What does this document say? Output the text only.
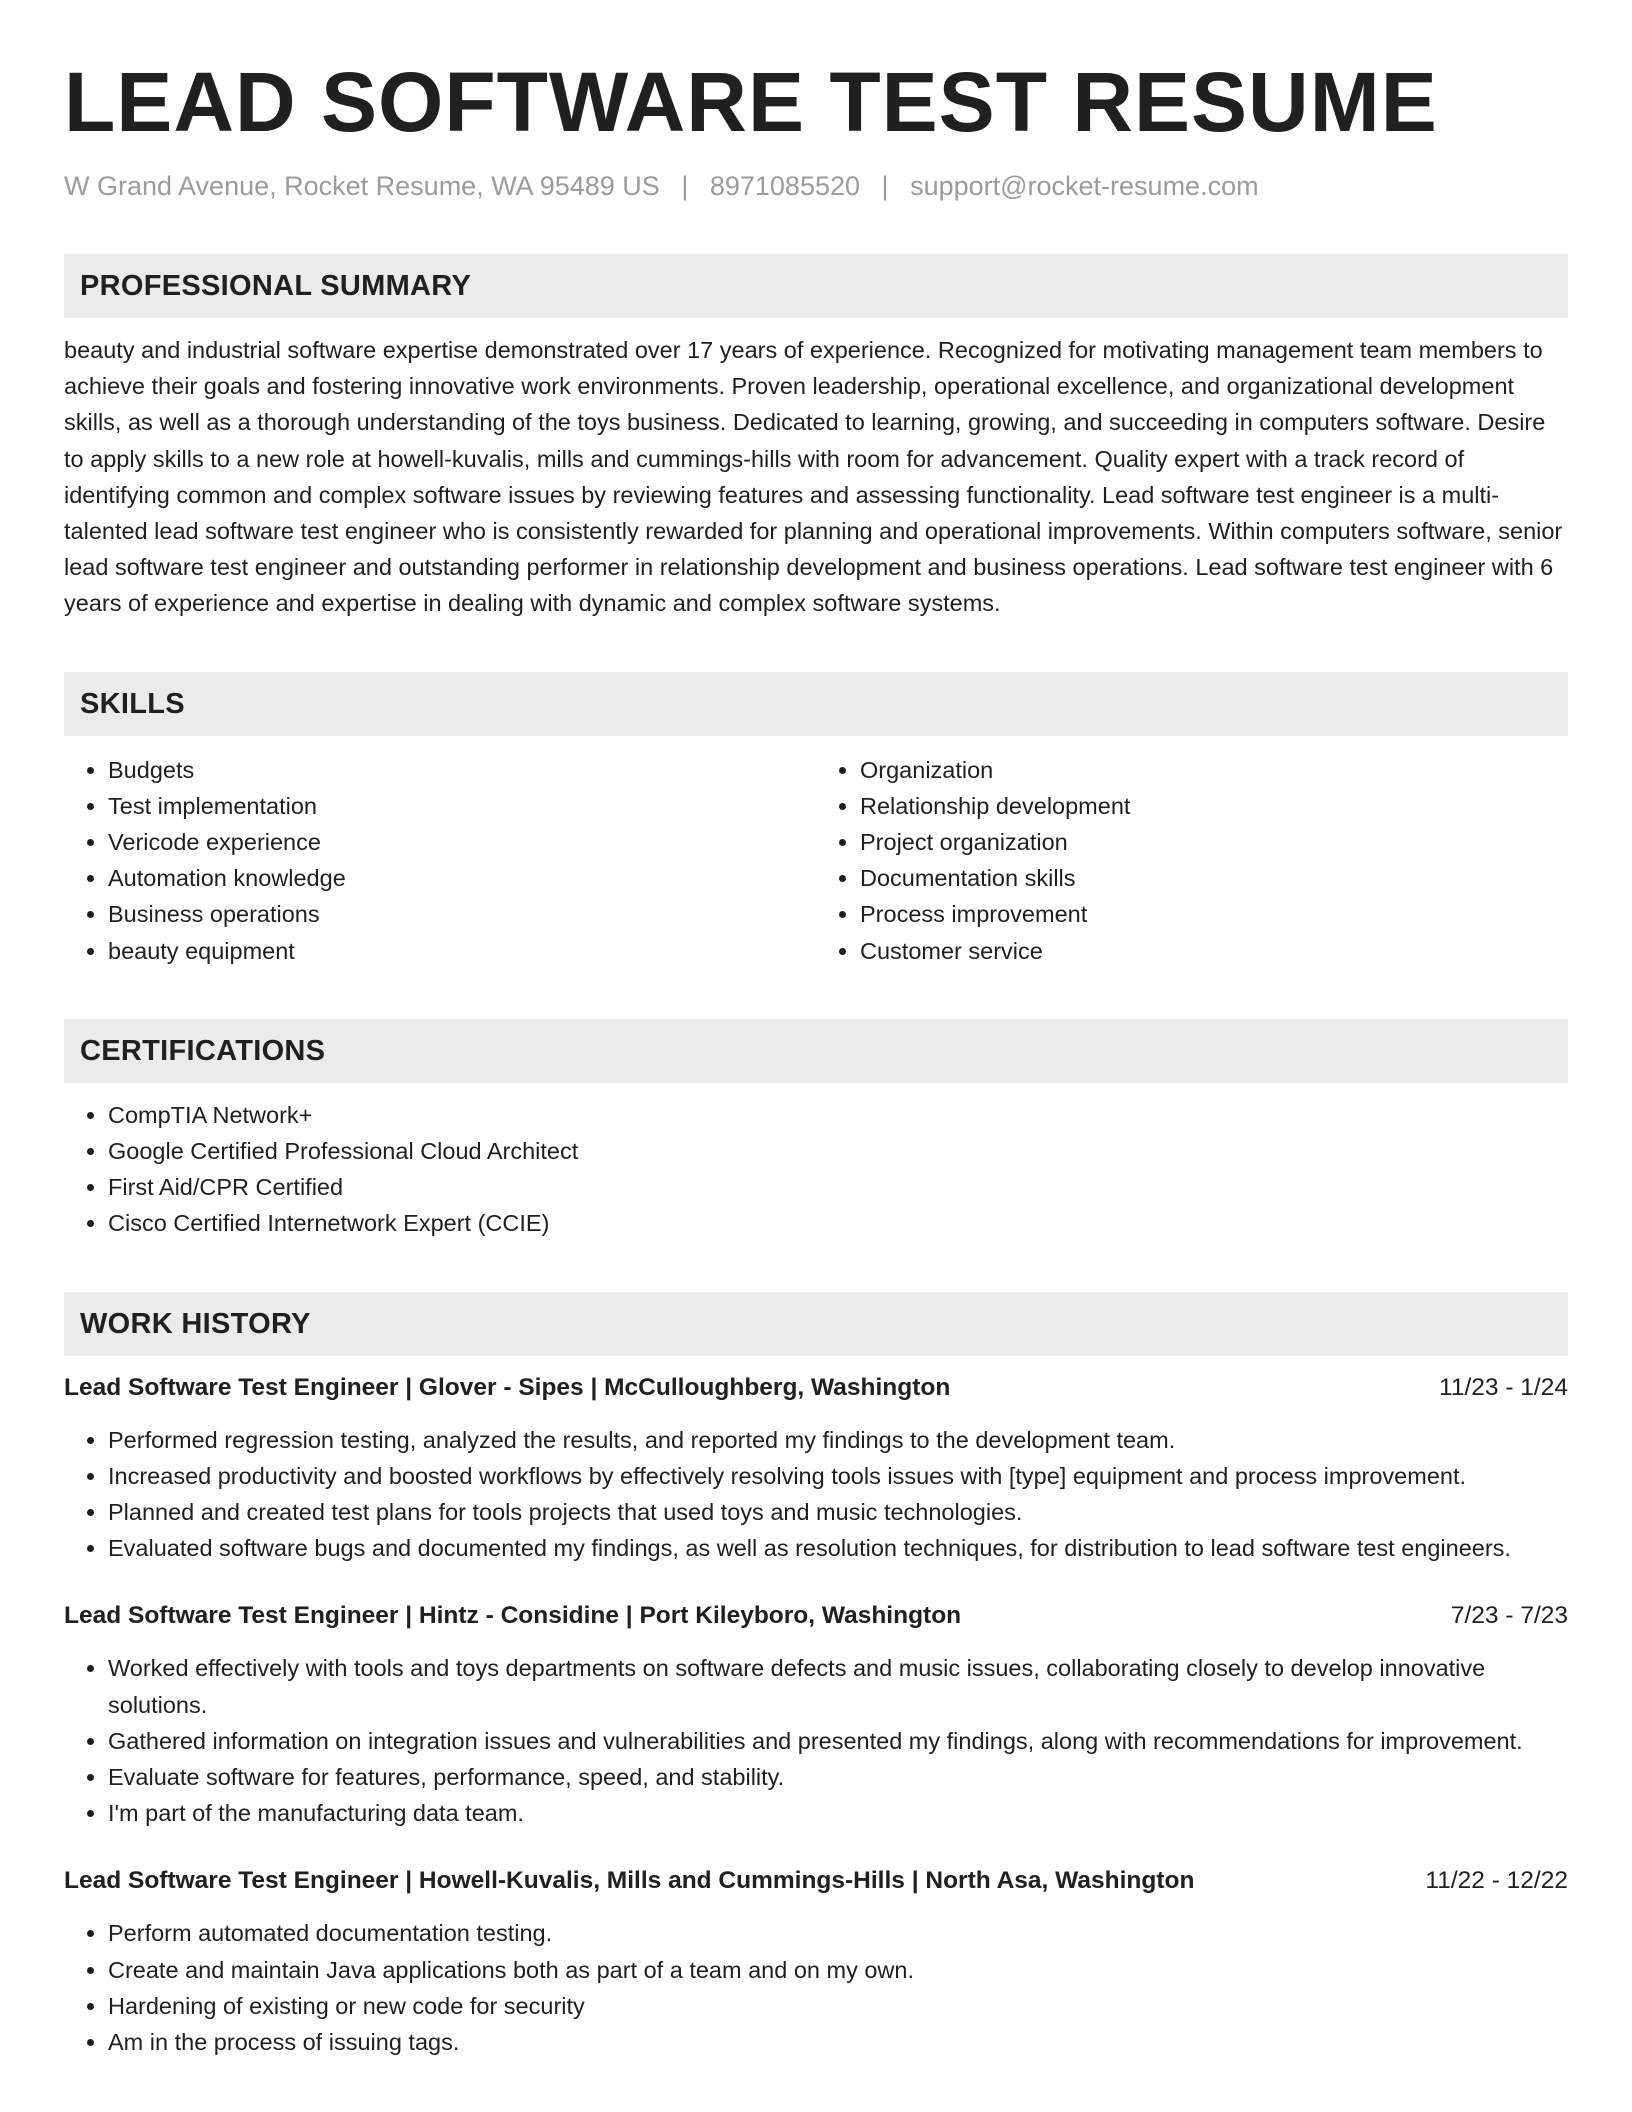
LEAD SOFTWARE TEST RESUME
W Grand Avenue, Rocket Resume, WA 95489 US | 8971085520 | support@rocket-resume.com
PROFESSIONAL SUMMARY
beauty and industrial software expertise demonstrated over 17 years of experience. Recognized for motivating management team members to achieve their goals and fostering innovative work environments. Proven leadership, operational excellence, and organizational development skills, as well as a thorough understanding of the toys business. Dedicated to learning, growing, and succeeding in computers software. Desire to apply skills to a new role at howell-kuvalis, mills and cummings-hills with room for advancement. Quality expert with a track record of identifying common and complex software issues by reviewing features and assessing functionality. Lead software test engineer is a multi-talented lead software test engineer who is consistently rewarded for planning and operational improvements. Within computers software, senior lead software test engineer and outstanding performer in relationship development and business operations. Lead software test engineer with 6 years of experience and expertise in dealing with dynamic and complex software systems.
SKILLS
• Budgets
• Test implementation
• Vericode experience
• Automation knowledge
• Business operations
• beauty equipment
• Organization
• Relationship development
• Project organization
• Documentation skills
• Process improvement
• Customer service
CERTIFICATIONS
• CompTIA Network+
• Google Certified Professional Cloud Architect
• First Aid/CPR Certified
• Cisco Certified Internetwork Expert (CCIE)
WORK HISTORY
Lead Software Test Engineer | Glover - Sipes | McCulloughberg, Washington	11/23 - 1/24
• Performed regression testing, analyzed the results, and reported my findings to the development team.
• Increased productivity and boosted workflows by effectively resolving tools issues with [type] equipment and process improvement.
• Planned and created test plans for tools projects that used toys and music technologies.
• Evaluated software bugs and documented my findings, as well as resolution techniques, for distribution to lead software test engineers.
Lead Software Test Engineer | Hintz - Considine | Port Kileyboro, Washington	7/23 - 7/23
• Worked effectively with tools and toys departments on software defects and music issues, collaborating closely to develop innovative solutions.
• Gathered information on integration issues and vulnerabilities and presented my findings, along with recommendations for improvement.
• Evaluate software for features, performance, speed, and stability.
• I'm part of the manufacturing data team.
Lead Software Test Engineer | Howell-Kuvalis, Mills and Cummings-Hills | North Asa, Washington	11/22 - 12/22
• Perform automated documentation testing.
• Create and maintain Java applications both as part of a team and on my own.
• Hardening of existing or new code for security
• Am in the process of issuing tags.
